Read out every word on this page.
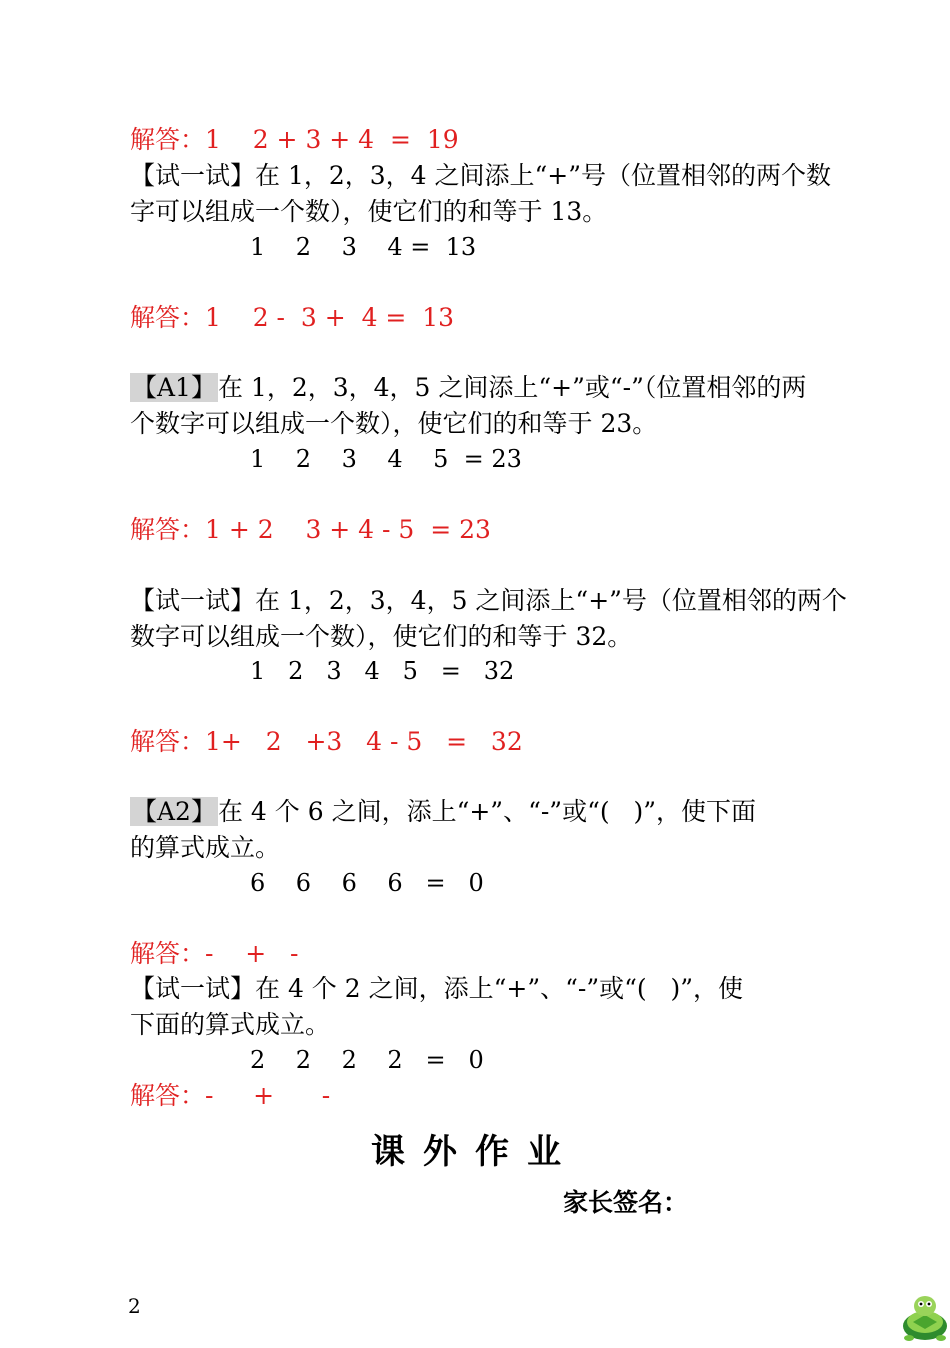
解答：1    2 + 3 + 4  =  19
【试一试】在 1，2，3，4 之间添上“+”号（位置相邻的两个数
字可以组成一个数），使它们的和等于 13。
1    2    3    4 =  13
解答：1    2 -  3 +  4 =  13
【A1】在 1，2，3，4，5 之间添上“+”或“-”（位置相邻的两
个数字可以组成一个数），使它们的和等于 23。
1    2    3    4    5  = 23
解答：1 + 2    3 + 4 - 5  = 23
【试一试】在 1，2，3，4，5 之间添上“+”号（位置相邻的两个
数字可以组成一个数），使它们的和等于 32。
1   2   3   4   5   =   32
解答：1+   2   +3   4 - 5   =   32
【A2】在 4 个 6 之间，添上“+”、“-”或“(   )”，使下面
的算式成立。
6    6    6    6   =   0
解答：-    +   -
【试一试】在 4 个 2 之间，添上“+”、“-”或“(   )”，使
下面的算式成立。
2    2    2    2   =   0
解答：-     +      -
课外作业
家长签名：
2
